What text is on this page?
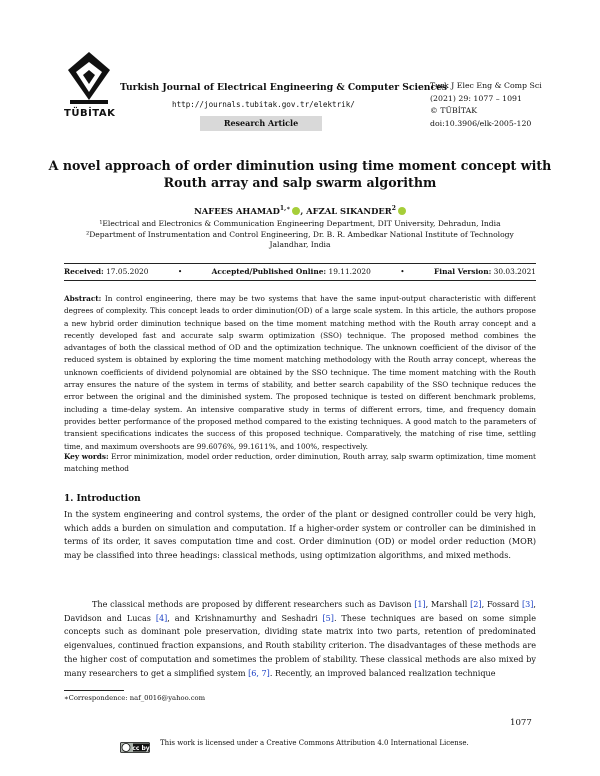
TÜBİTAK
Turkish Journal of Electrical Engineering & Computer Sciences
http://journals.tubitak.gov.tr/elektrik/
Research Article
Turk J Elec Eng & Comp Sci
(2021) 29: 1077 – 1091
© TÜBİTAK
doi:10.3906/elk-2005-120
A novel approach of order diminution using time moment concept with Routh array and salp swarm algorithm
NAFEES $AHAMAD^{1,∗}$ , AFZAL SIKANDER$^2$
¹Electrical and Electronics & Communication Engineering Department, DIT University, Dehradun, India
²Department of Instrumentation and Control Engineering, Dr. B. R. Ambedkar National Institute of Technology
Jalandhar, India
Received: 17.05.2020	•	Accepted/Published Online: 19.11.2020	•	Final Version: 30.03.2021
Abstract: In control engineering, there may be two systems that have the same input-output characteristic with different degrees of complexity. This concept leads to order diminution(OD) of a large scale system. In this article, the authors propose a new hybrid order diminution technique based on the time moment matching method with the Routh array concept and a recently developed fast and accurate salp swarm optimization (SSO) technique. The proposed method combines the advantages of both the classical method of OD and the optimization technique. The unknown coefficient of the divisor of the reduced system is obtained by exploring the time moment matching methodology with the Routh array concept, whereas the unknown coefficients of dividend polynomial are obtained by the SSO technique. The time moment matching with the Routh array ensures the nature of the system in terms of stability, and better search capability of the SSO technique reduces the error between the original and the diminished system. The proposed technique is tested on different benchmark problems, including a time-delay system. An intensive comparative study in terms of different errors, time, and frequency domain provides better performance of the proposed method compared to the existing techniques. A good match to the parameters of transient specifications indicates the success of this proposed technique. Comparatively, the matching of rise time, settling time, and maximum overshoots are 99.6076%, 99.1611%, and 100%, respectively.
Key words: Error minimization, model order reduction, order diminution, Routh array, salp swarm optimization, time moment matching method
1. Introduction
In the system engineering and control systems, the order of the plant or designed controller could be very high, which adds a burden on simulation and computation. If a higher-order system or controller can be diminished in terms of its order, it saves computation time and cost. Order diminution (OD) or model order reduction (MOR) may be classified into three headings: classical methods, using optimization algorithms, and mixed methods.
The classical methods are proposed by different researchers such as Davison [1], Marshall [2], Fossard [3], Davidson and Lucas [4], and Krishnamurthy and Seshadri [5]. These techniques are based on some simple concepts such as dominant pole preservation, dividing state matrix into two parts, retention of predominated eigenvalues, continued fraction expansions, and Routh stability criterion. The disadvantages of these methods are the higher cost of computation and sometimes the problem of stability. These classical methods are also mixed by many researchers to get a simplified system [6, 7]. Recently, an improved balanced realization technique
∗Correspondence: naf_0016@yahoo.com
1077
cc by
This work is licensed under a Creative Commons Attribution 4.0 International License.
